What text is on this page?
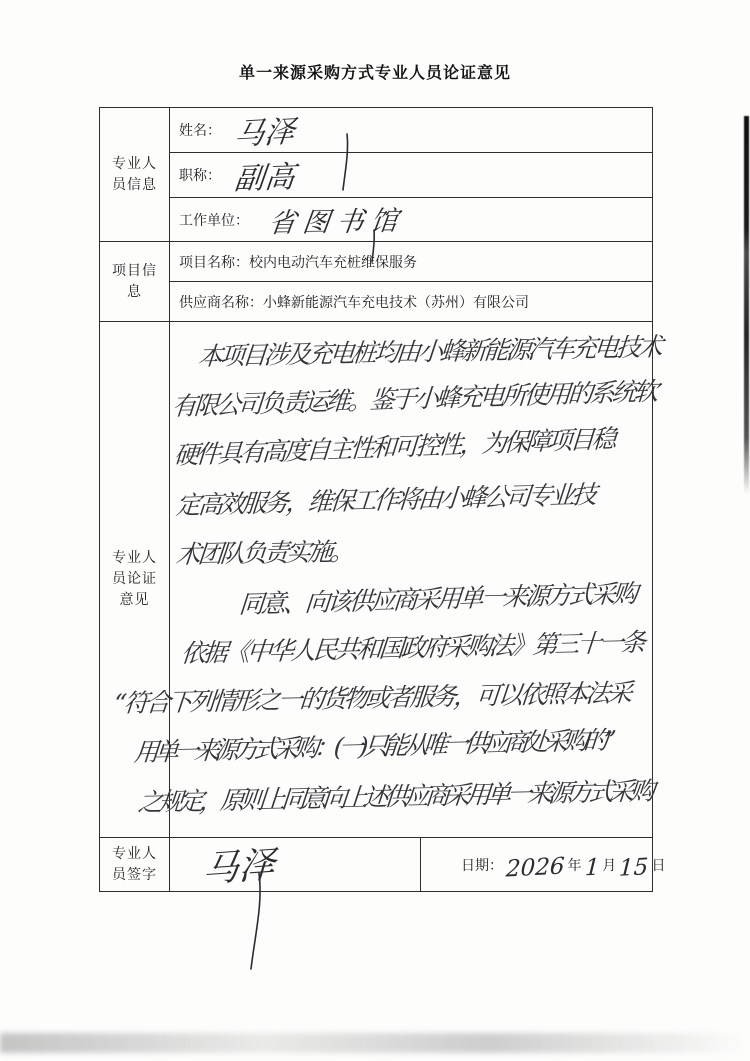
单一来源采购方式专业人员论证意见
专业人员信息	姓名： 马泽	

	职称： 副高	

	工作单位： 省图书馆	

项目信息	项目名称： 校内电动汽车充桩维保服务	

	供应商名称： 小蜂新能源汽车充电技术（苏州）有限公司	

专业人员论证意见	
本项目涉及充电桩均由小蜂新能源汽车充电技术
有限公司负责运维。鉴于小蜂充电所使用的系统软
硬件具有高度自主性和可控性，为保障项目稳
定高效服务，维保工作将由小蜂公司专业技
术团队负责实施。
同意、向该供应商采用单一来源方式采购
依据《中华人民共和国政府采购法》第三十一条
“符合下列情形之一的货物或者服务，可以依照本法采
用单一来源方式采购：(一)只能从唯一供应商处采购的”
之规定，原则上同意向上述供应商采用单一来源方式采购

专业人员签字	马泽	日期： 2026 年 1 月 15 日
